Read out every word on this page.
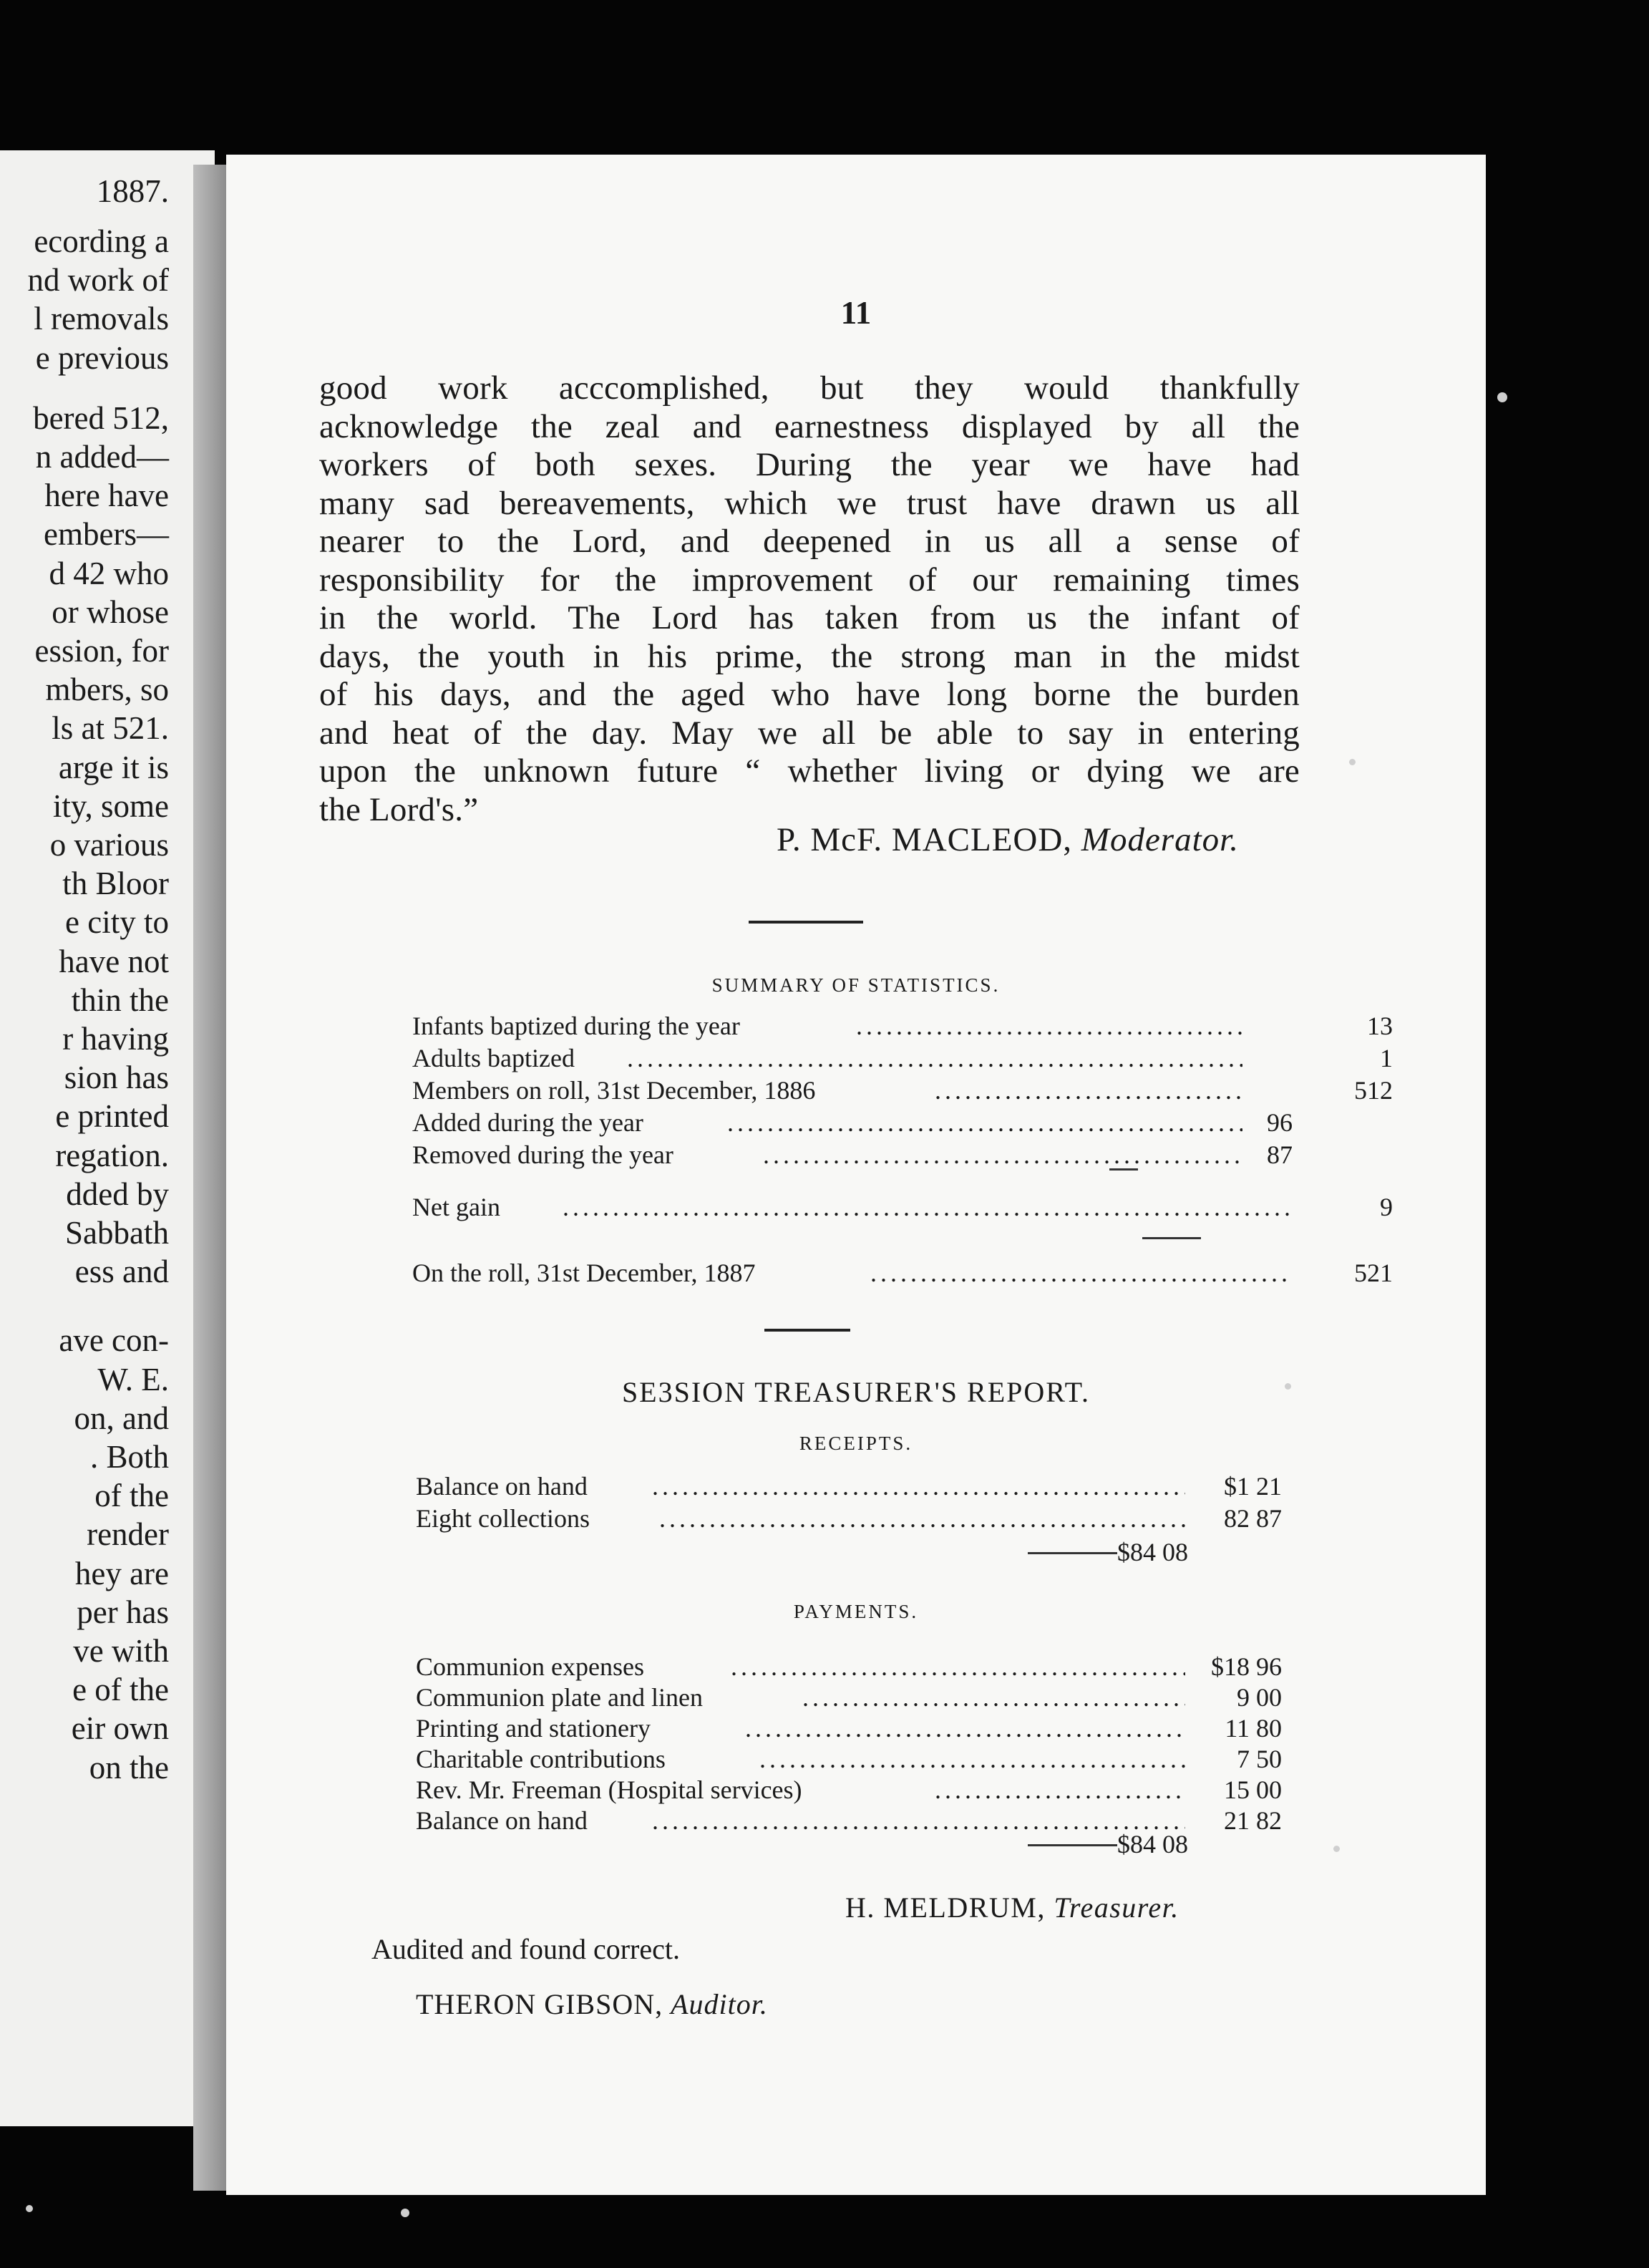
1887.
ecording a
nd work of
l removals
e previous
bered 512,
n added—
here have
embers—
d 42 who
or whose
ession, for
mbers, so
ls at 521.
arge it is
ity, some
o various
th Bloor
e city to
have not
thin the
r having
sion has
e printed
regation.
dded by
Sabbath
ess and
ave con-
W. E.
on, and
. Both
of the
render
hey are
per has
ve with
e of the
eir own
on the
11
good work acccomplished, but they would thankfully
acknowledge the zeal and earnestness displayed by all the
workers of both sexes. During the year we have had
many sad bereavements, which we trust have drawn us all
nearer to the Lord, and deepened in us all a sense of
responsibility for the improvement of our remaining times
in the world. The Lord has taken from us the infant of
days, the youth in his prime, the strong man in the midst
of his days, and the aged who have long borne the burden
and heat of the day. May we all be able to say in entering
upon the unknown future “ whether living or dying we are
the Lord's.”
P. McF. MACLEOD, Moderator.
SUMMARY OF STATISTICS.
Infants baptized during the year .....	13
Adults baptized .....	1
Members on roll, 31st December, 1886 .....	512
Added during the year .....	96
Removed during the year .....	87
Net gain .....	9
On the roll, 31st December, 1887 .....	521
SE3SION TREASURER'S REPORT.
RECEIPTS.
Balance on hand .....	$1 21
Eight collections .....	82 87
$84 08
PAYMENTS.
Communion expenses .....	$18 96
Communion plate and linen .....	9 00
Printing and stationery .....	11 80
Charitable contributions .....	7 50
Rev. Mr. Freeman (Hospital services) .....	15 00
Balance on hand .....	21 82
$84 08
H. MELDRUM, Treasurer.
Audited and found correct.
THERON GIBSON, Auditor.
